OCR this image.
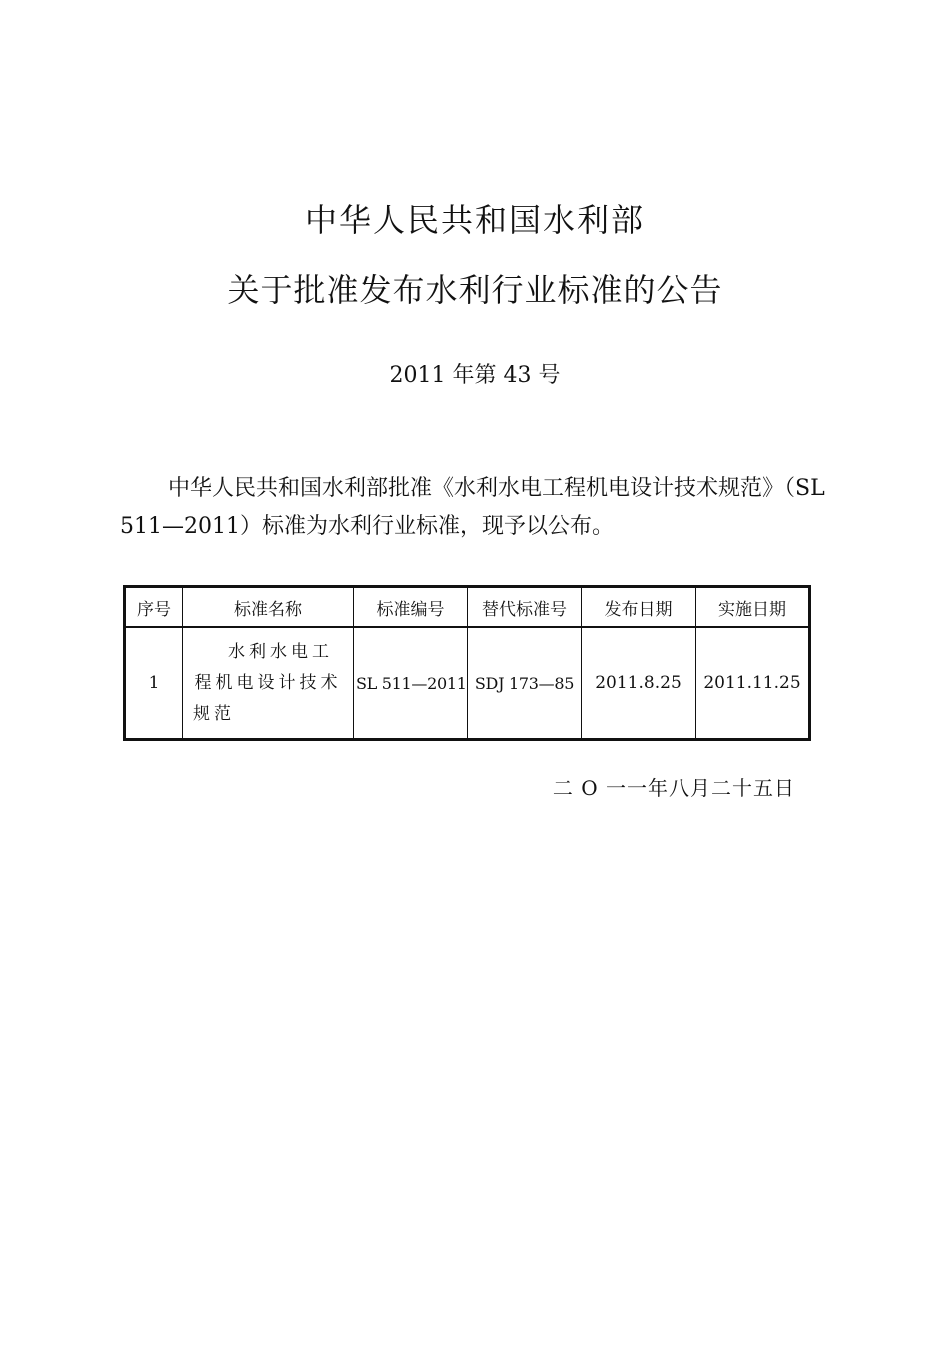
中华人民共和国水利部
关于批准发布水利行业标准的公告
2011 年第 43 号

中华人民共和国水利部批准《水利水电工程机电设计技术规范》（SL 511—2011）标准为水利行业标准，现予以公布。

序号	标准名称	标准编号	替代标准号	发布日期	实施日期
1	水利水电工程机电设计技术规范	SL 511—2011	SDJ 173—85	2011.8.25	2011.11.25
二 O 一一年八月二十五日
